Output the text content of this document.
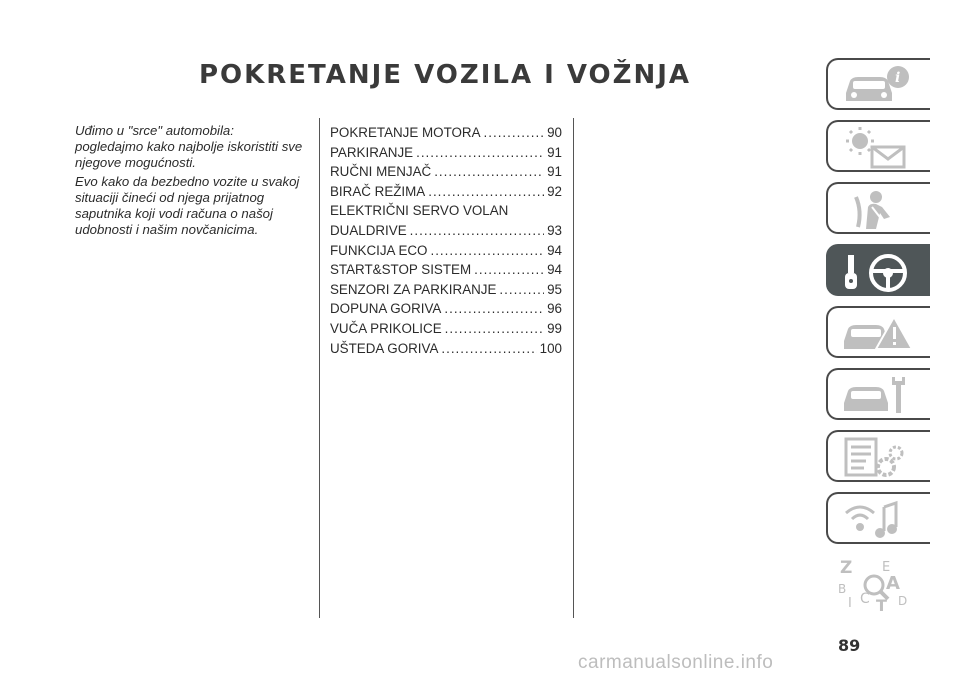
POKRETANJE VOZILA I VOŽNJA

Uđimo u "srce" automobila: pogledajmo kako najbolje iskoristiti sve njegove mogućnosti.

Evo kako da bezbedno vozite u svakoj situaciji čineći od njega prijatnog saputnika koji vodi računa o našoj udobnosti i našim novčanicima.

POKRETANJE MOTORA .....	90
PARKIRANJE .....	91
RUČNI MENJAČ .....	91
BIRAČ REŽIMA .....	92
ELEKTRIČNI SERVO VOLAN
DUALDRIVE .....	93
FUNKCIJA ECO .....	94
START&STOP SISTEM .....	94
SENZORI ZA PARKIRANJE .....	95
DOPUNA GORIVA .....	96
VUČA PRIKOLICE .....	99
UŠTEDA GORIVA .....	100
i
Z E
A
B
I C T D
89
carmanualsonline.info
